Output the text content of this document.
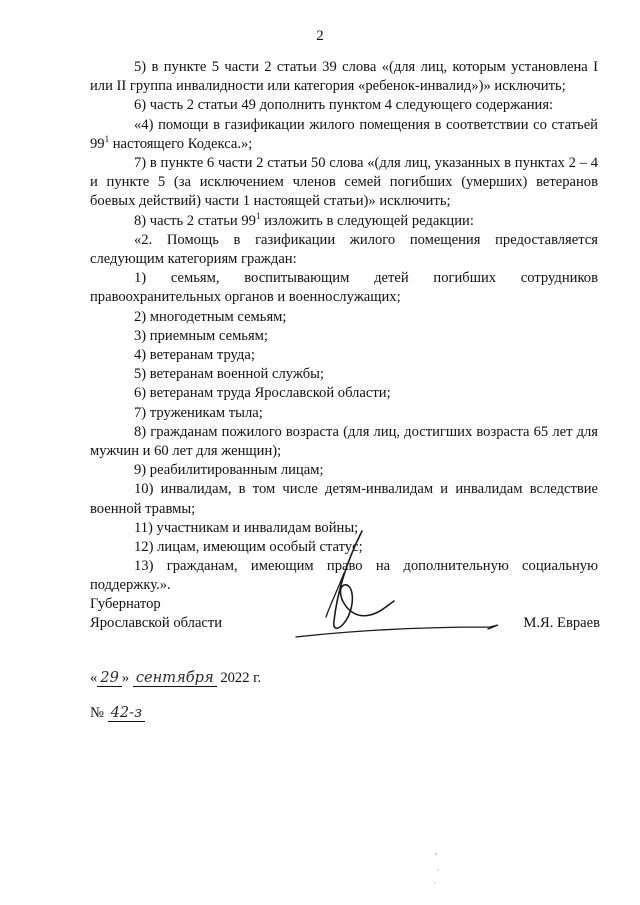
2

5) в пункте 5 части 2 статьи 39 слова «(для лиц, которым установлена I или II группа инвалидности или категория «ребенок-инвалид»)» исключить;

6) часть 2 статьи 49 дополнить пунктом 4 следующего содержания:

«4) помощи в газификации жилого помещения в соответствии со статьей $99^1$ настоящего Кодекса.»;

7) в пункте 6 части 2 статьи 50 слова «(для лиц, указанных в пунктах 2 – 4 и пункте 5 (за исключением членов семей погибших (умерших) ветеранов боевых действий) части 1 настоящей статьи)» исключить;

8) часть 2 статьи $99^1$ изложить в следующей редакции:

«2. Помощь в газификации жилого помещения предоставляется следующим категориям граждан:

1) семьям, воспитывающим детей погибших сотрудников правоохранительных органов и военнослужащих;

2) многодетным семьям;

3) приемным семьям;

4) ветеранам труда;

5) ветеранам военной службы;

6) ветеранам труда Ярославской области;

7) труженикам тыла;

8) гражданам пожилого возраста (для лиц, достигших возраста 65 лет для мужчин и 60 лет для женщин);

9) реабилитированным лицам;

10) инвалидам, в том числе детям-инвалидам и инвалидам вследствие военной травмы;

11) участникам и инвалидам войны;

12) лицам, имеющим особый статус;

13) гражданам, имеющим право на дополнительную социальную поддержку.».

Губернатор
Ярославской области	М.Я. Евраев
« 29 » сентября 2022 г.
№ 42-з
